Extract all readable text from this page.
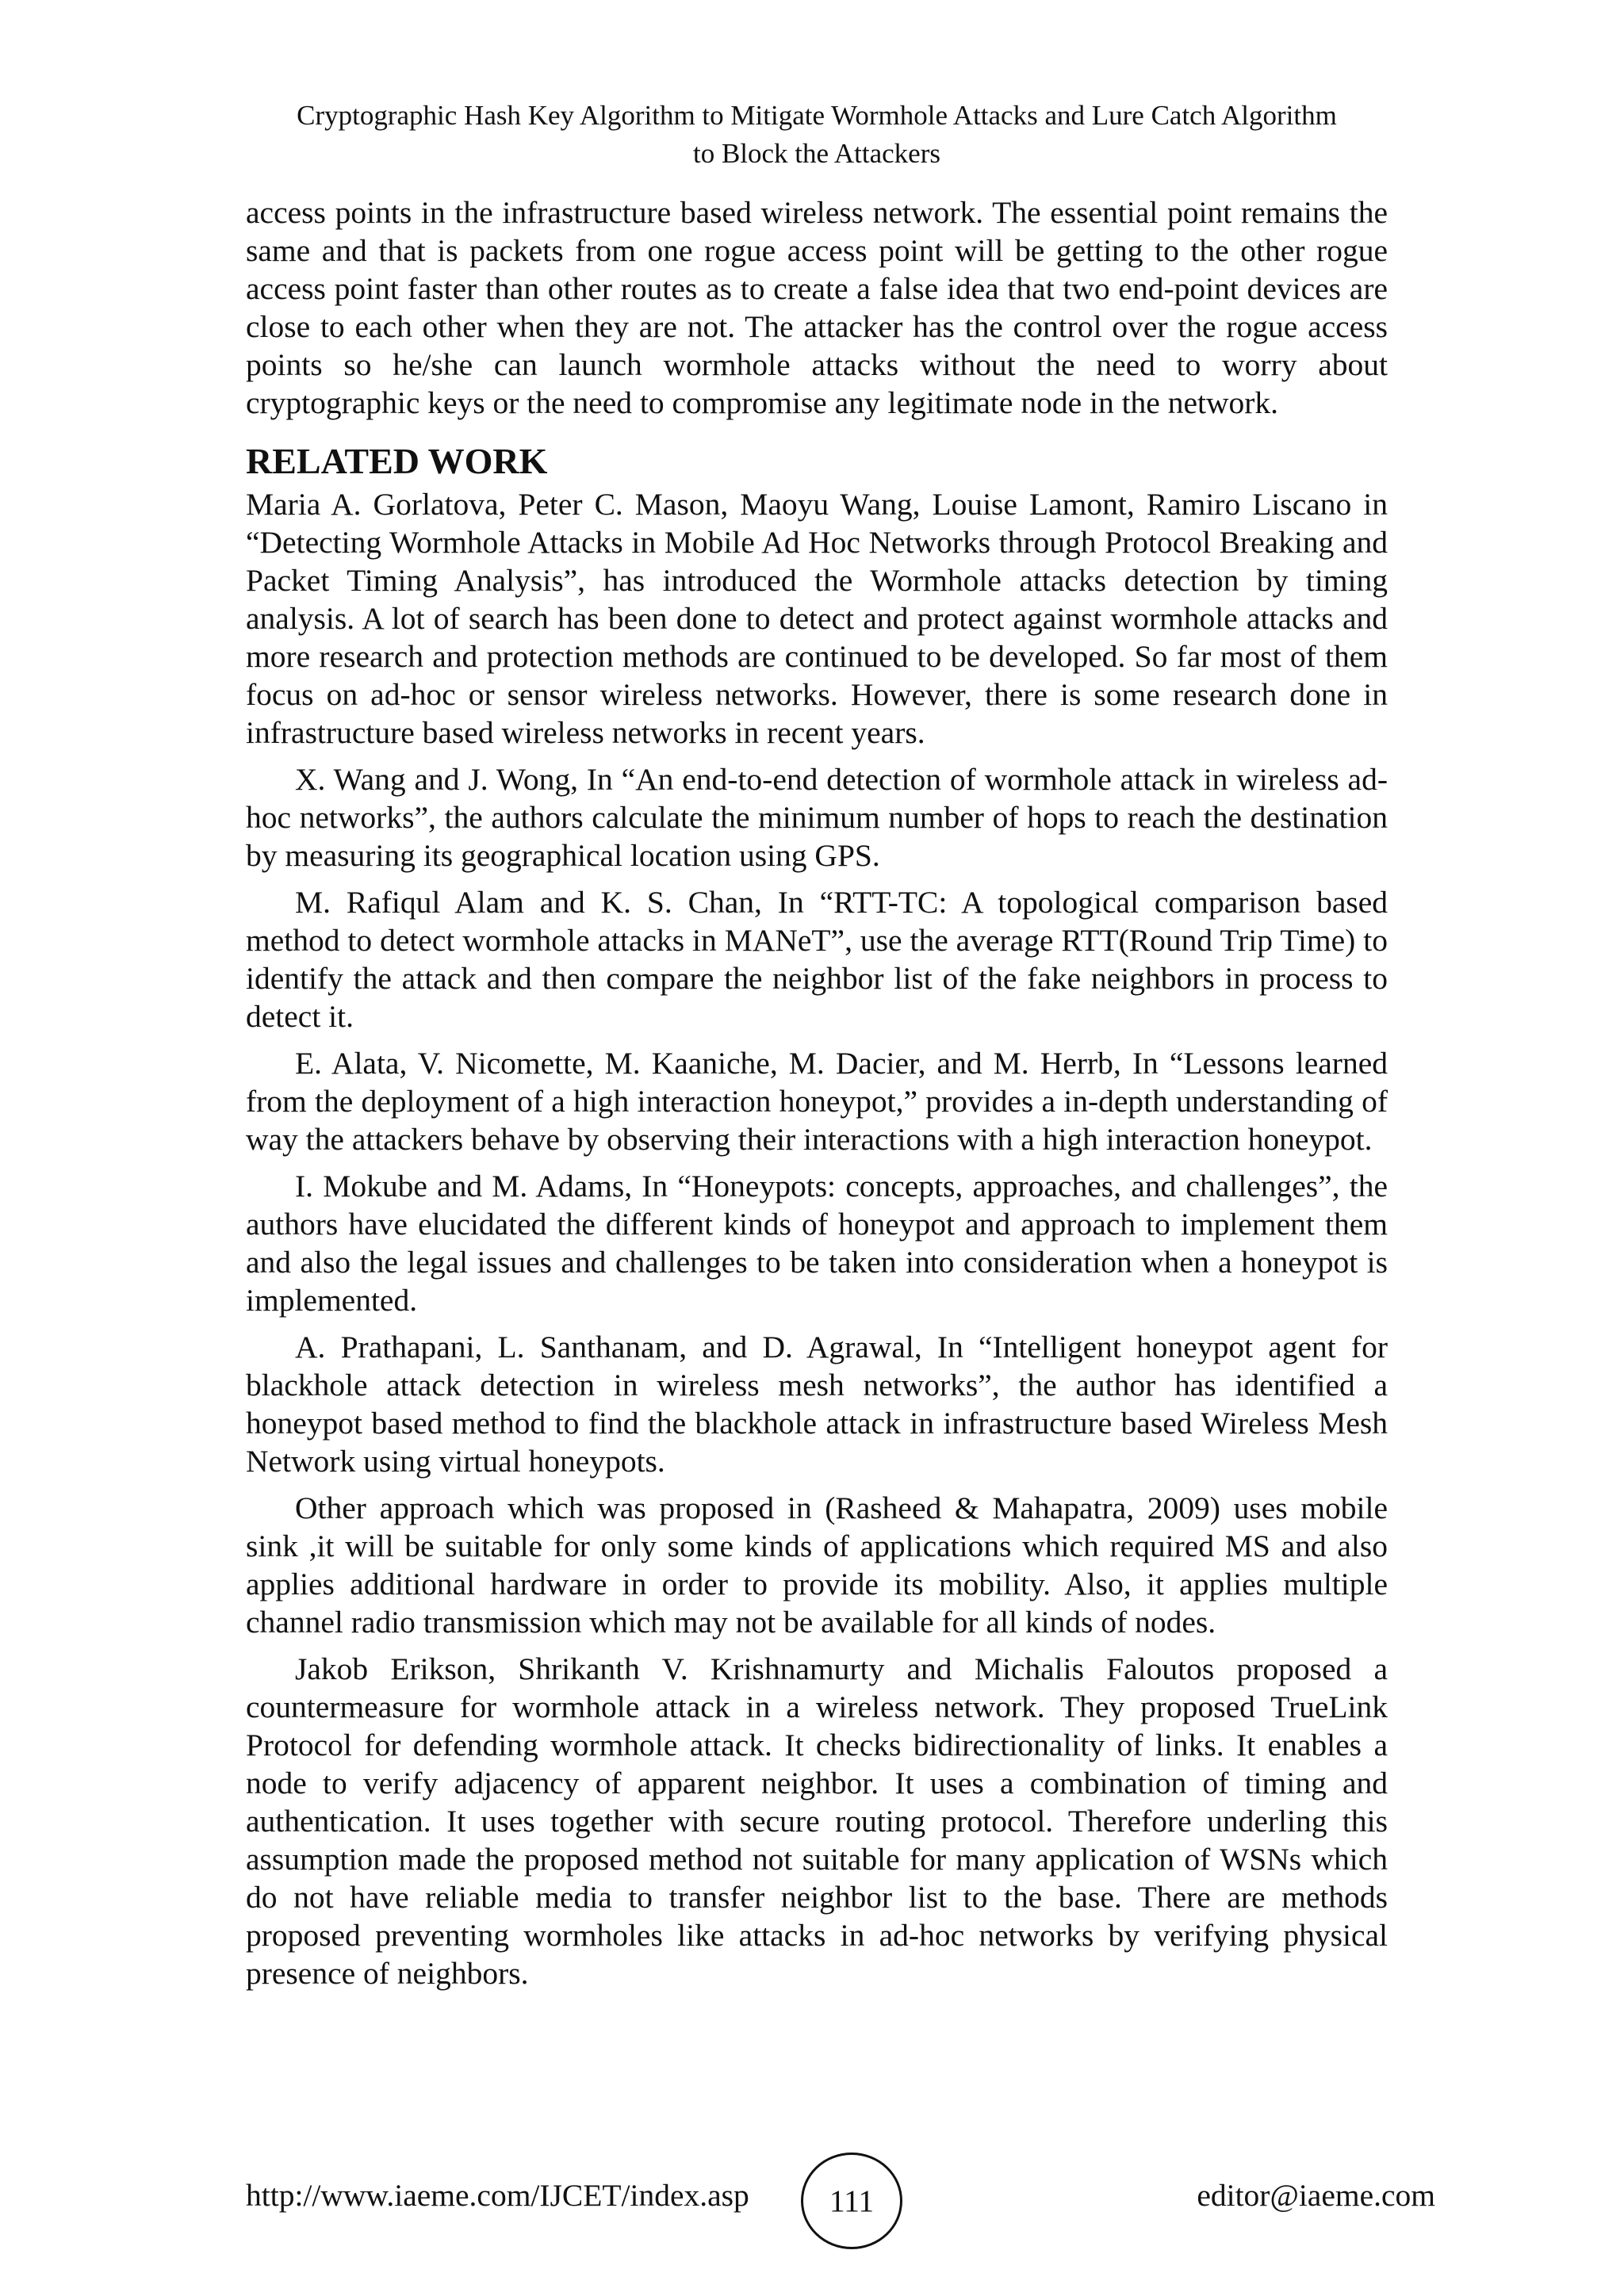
Cryptographic Hash Key Algorithm to Mitigate Wormhole Attacks and Lure Catch Algorithm
to Block the Attackers

access points in the infrastructure based wireless network. The essential point remains the same and that is packets from one rogue access point will be getting to the other rogue access point faster than other routes as to create a false idea that two end-point devices are close to each other when they are not. The attacker has the control over the rogue access points so he/she can launch wormhole attacks without the need to worry about cryptographic keys or the need to compromise any legitimate node in the network.

RELATED WORK

Maria A. Gorlatova, Peter C. Mason, Maoyu Wang, Louise Lamont, Ramiro Liscano in “Detecting Wormhole Attacks in Mobile Ad Hoc Networks through Protocol Breaking and Packet Timing Analysis”, has introduced the Wormhole attacks detection by timing analysis. A lot of search has been done to detect and protect against wormhole attacks and more research and protection methods are continued to be developed. So far most of them focus on ad-hoc or sensor wireless networks. However, there is some research done in infrastructure based wireless networks in recent years.

X. Wang and J. Wong, In “An end-to-end detection of wormhole attack in wireless ad-hoc networks”, the authors calculate the minimum number of hops to reach the destination by measuring its geographical location using GPS.

M. Rafiqul Alam and K. S. Chan, In “RTT-TC: A topological comparison based method to detect wormhole attacks in MANeT”, use the average RTT(Round Trip Time) to identify the attack and then compare the neighbor list of the fake neighbors in process to detect it.

E. Alata, V. Nicomette, M. Kaaniche, M. Dacier, and M. Herrb, In “Lessons learned from the deployment of a high interaction honeypot,” provides a in-depth understanding of way the attackers behave by observing their interactions with a high interaction honeypot.

I. Mokube and M. Adams, In “Honeypots: concepts, approaches, and challenges”, the authors have elucidated the different kinds of honeypot and approach to implement them and also the legal issues and challenges to be taken into consideration when a honeypot is implemented.

A. Prathapani, L. Santhanam, and D. Agrawal, In “Intelligent honeypot agent for blackhole attack detection in wireless mesh networks”, the author has identified a honeypot based method to find the blackhole attack in infrastructure based Wireless Mesh Network using virtual honeypots.

Other approach which was proposed in (Rasheed & Mahapatra, 2009) uses mobile sink ,it will be suitable for only some kinds of applications which required MS and also applies additional hardware in order to provide its mobility. Also, it applies multiple channel radio transmission which may not be available for all kinds of nodes.

Jakob Erikson, Shrikanth V. Krishnamurty and Michalis Faloutos proposed a countermeasure for wormhole attack in a wireless network. They proposed TrueLink Protocol for defending wormhole attack. It checks bidirectionality of links. It enables a node to verify adjacency of apparent neighbor. It uses a combination of timing and authentication. It uses together with secure routing protocol. Therefore underling this assumption made the proposed method not suitable for many application of WSNs which do not have reliable media to transfer neighbor list to the base. There are methods proposed preventing wormholes like attacks in ad-hoc networks by verifying physical presence of neighbors.

http://www.iaeme.com/IJCET/index.asp	111	editor@iaeme.com
